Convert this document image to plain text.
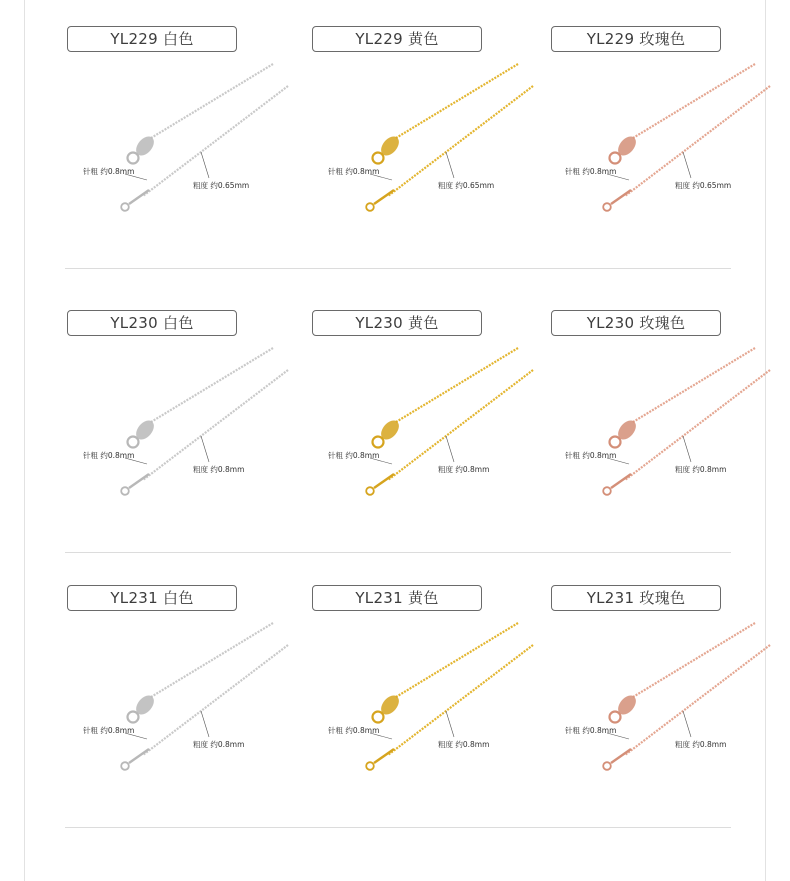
YL229 白色
针粗 约0.8mm
粗度 约0.65mm
YL229 黄色
针粗 约0.8mm
粗度 约0.65mm
YL229 玫瑰色
针粗 约0.8mm
粗度 约0.65mm
YL230 白色
针粗 约0.8mm
粗度 约0.8mm
YL230 黄色
针粗 约0.8mm
粗度 约0.8mm
YL230 玫瑰色
针粗 约0.8mm
粗度 约0.8mm
YL231 白色
针粗 约0.8mm
粗度 约0.8mm
YL231 黄色
针粗 约0.8mm
粗度 约0.8mm
YL231 玫瑰色
针粗 约0.8mm
粗度 约0.8mm
